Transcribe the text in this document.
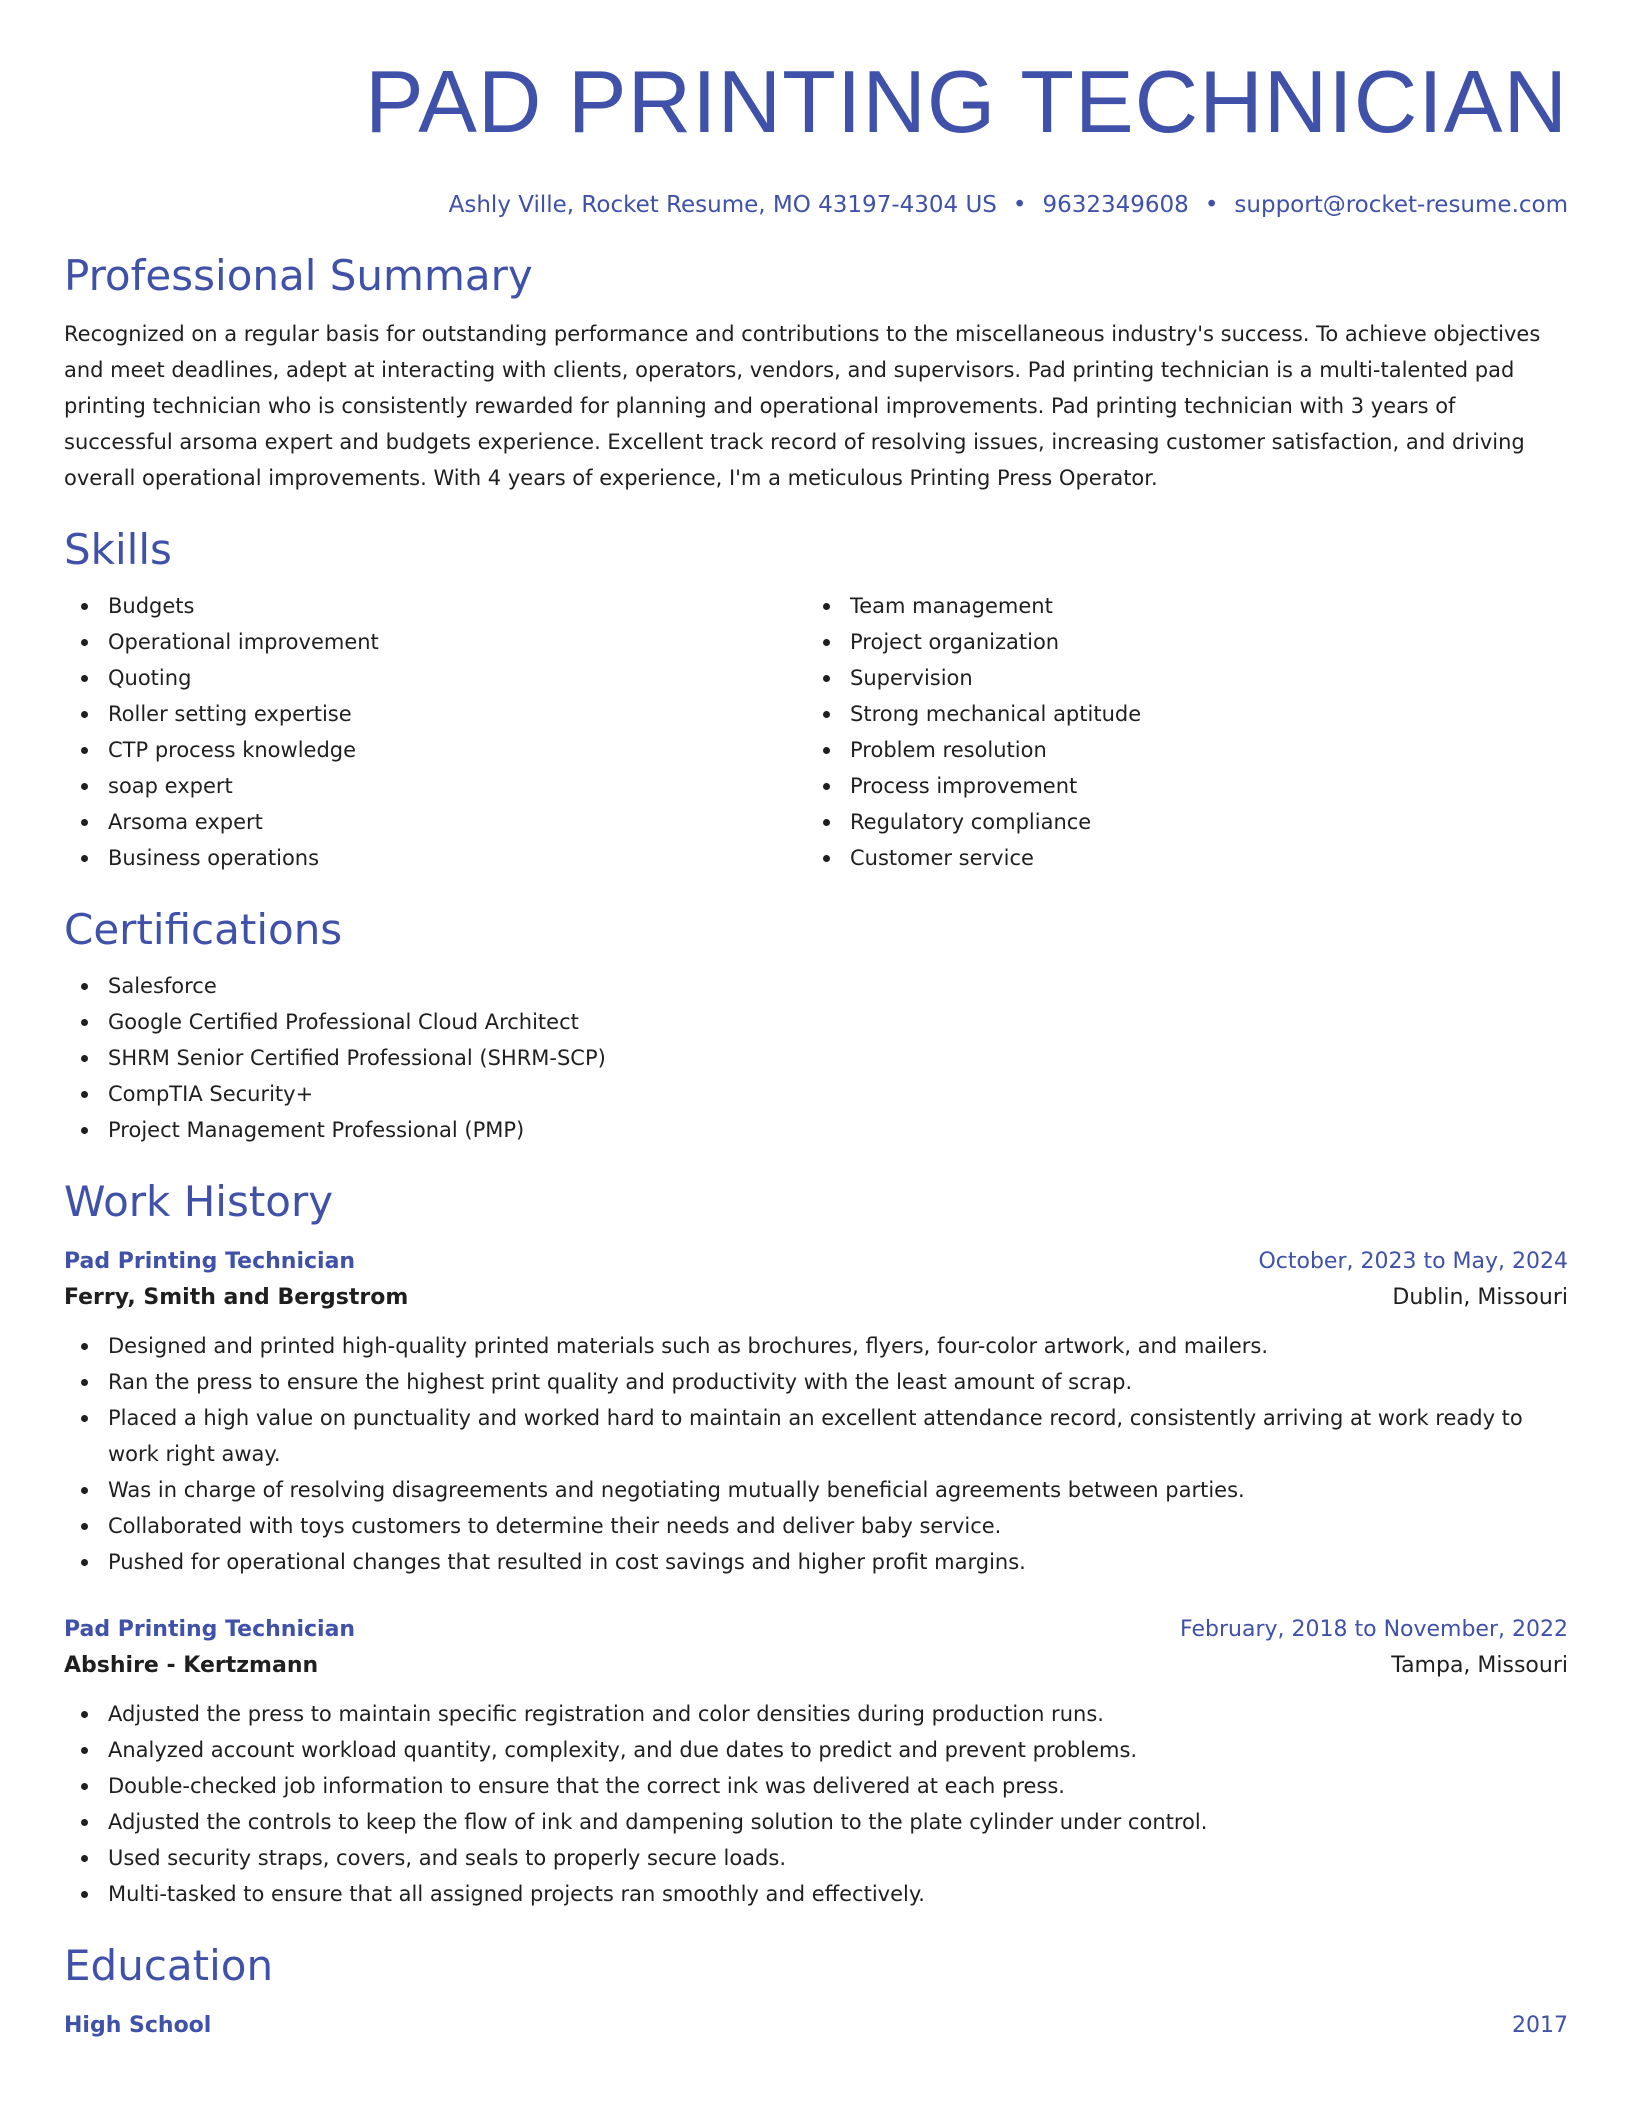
PAD PRINTING TECHNICIAN
Ashly Ville, Rocket Resume, MO 43197-4304 US • 9632349608 • support@rocket-resume.com
Professional Summary

Recognized on a regular basis for outstanding performance and contributions to the miscellaneous industry's success. To achieve objectives and meet deadlines, adept at interacting with clients, operators, vendors, and supervisors. Pad printing technician is a multi-talented pad printing technician who is consistently rewarded for planning and operational improvements. Pad printing technician with 3 years of successful arsoma expert and budgets experience. Excellent track record of resolving issues, increasing customer satisfaction, and driving overall operational improvements. With 4 years of experience, I'm a meticulous Printing Press Operator.

Skills
Budgets
Operational improvement
Quoting
Roller setting expertise
CTP process knowledge
soap expert
Arsoma expert
Business operations
Team management
Project organization
Supervision
Strong mechanical aptitude
Problem resolution
Process improvement
Regulatory compliance
Customer service
Certifications
Salesforce
Google Certified Professional Cloud Architect
SHRM Senior Certified Professional (SHRM-SCP)
CompTIA Security+
Project Management Professional (PMP)
Work History
Pad Printing Technician	October, 2023 to May, 2024
Ferry, Smith and Bergstrom	Dublin, Missouri
Designed and printed high-quality printed materials such as brochures, flyers, four-color artwork, and mailers.
Ran the press to ensure the highest print quality and productivity with the least amount of scrap.
Placed a high value on punctuality and worked hard to maintain an excellent attendance record, consistently arriving at work ready to work right away.
Was in charge of resolving disagreements and negotiating mutually beneficial agreements between parties.
Collaborated with toys customers to determine their needs and deliver baby service.
Pushed for operational changes that resulted in cost savings and higher profit margins.
Pad Printing Technician	February, 2018 to November, 2022
Abshire - Kertzmann	Tampa, Missouri
Adjusted the press to maintain specific registration and color densities during production runs.
Analyzed account workload quantity, complexity, and due dates to predict and prevent problems.
Double-checked job information to ensure that the correct ink was delivered at each press.
Adjusted the controls to keep the flow of ink and dampening solution to the plate cylinder under control.
Used security straps, covers, and seals to properly secure loads.
Multi-tasked to ensure that all assigned projects ran smoothly and effectively.
Education
High School	2017
